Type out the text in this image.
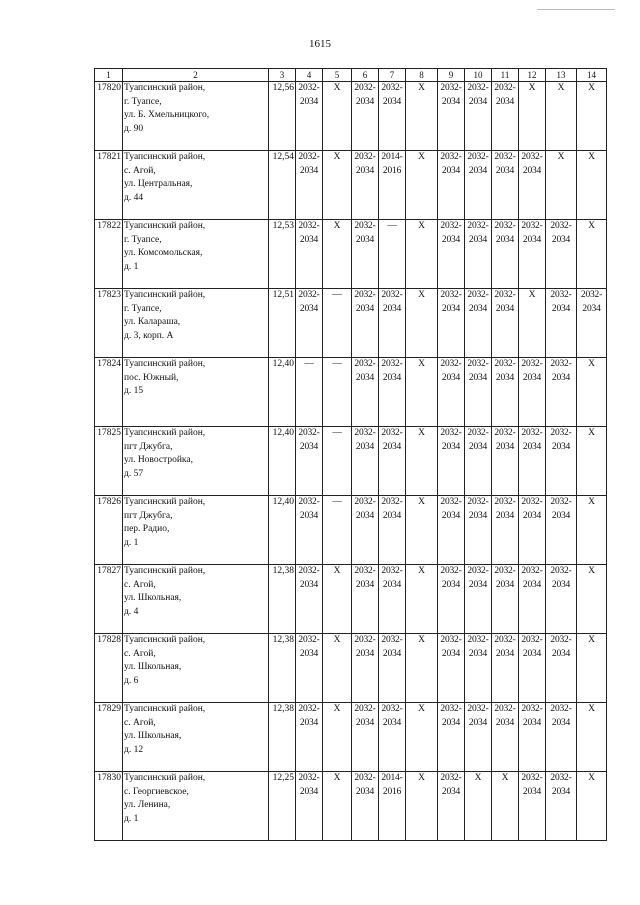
1615
1	2	3	4	5	6	7	8	9	10	11	12	13	14
17820	Туапсинский район,
г. Туапсе,
ул. Б. Хмельницкого,
д. 90	12,56	2032-
2034	Х	2032-
2034	2032-
2034	Х	2032-
2034	2032-
2034	2032-
2034	Х	Х	Х

17821	Туапсинский район,
с. Агой,
ул. Центральная,
д. 44	12,54	2032-
2034	Х	2032-
2034	2014-
2016	Х	2032-
2034	2032-
2034	2032-
2034	2032-
2034	Х	Х

17822	Туапсинский район,
г. Туапсе,
ул. Комсомольская,
д. 1	12,53	2032-
2034	Х	2032-
2034	—	Х	2032-
2034	2032-
2034	2032-
2034	2032-
2034	2032-
2034	Х

17823	Туапсинский район,
г. Туапсе,
ул. Калараша,
д. 3, корп. А	12,51	2032-
2034	—	2032-
2034	2032-
2034	Х	2032-
2034	2032-
2034	2032-
2034	Х	2032-
2034	2032-
2034

17824	Туапсинский район,
пос. Южный,
д. 15	12,40	—	—	2032-
2034	2032-
2034	Х	2032-
2034	2032-
2034	2032-
2034	2032-
2034	2032-
2034	Х

17825	Туапсинский район,
пгт Джубга,
ул. Новостройка,
д. 57	12,40	2032-
2034	—	2032-
2034	2032-
2034	Х	2032-
2034	2032-
2034	2032-
2034	2032-
2034	2032-
2034	Х

17826	Туапсинский район,
пгт Джубга,
пер. Радио,
д. 1	12,40	2032-
2034	—	2032-
2034	2032-
2034	Х	2032-
2034	2032-
2034	2032-
2034	2032-
2034	2032-
2034	Х

17827	Туапсинский район,
с. Агой,
ул. Школьная,
д. 4	12,38	2032-
2034	Х	2032-
2034	2032-
2034	Х	2032-
2034	2032-
2034	2032-
2034	2032-
2034	2032-
2034	Х

17828	Туапсинский район,
с. Агой,
ул. Школьная,
д. 6	12,38	2032-
2034	Х	2032-
2034	2032-
2034	Х	2032-
2034	2032-
2034	2032-
2034	2032-
2034	2032-
2034	Х

17829	Туапсинский район,
с. Агой,
ул. Школьная,
д. 12	12,38	2032-
2034	Х	2032-
2034	2032-
2034	Х	2032-
2034	2032-
2034	2032-
2034	2032-
2034	2032-
2034	Х

17830	Туапсинский район,
с. Георгиевское,
ул. Ленина,
д. 1	12,25	2032-
2034	Х	2032-
2034	2014-
2016	Х	2032-
2034	Х	Х	2032-
2034	2032-
2034	Х
